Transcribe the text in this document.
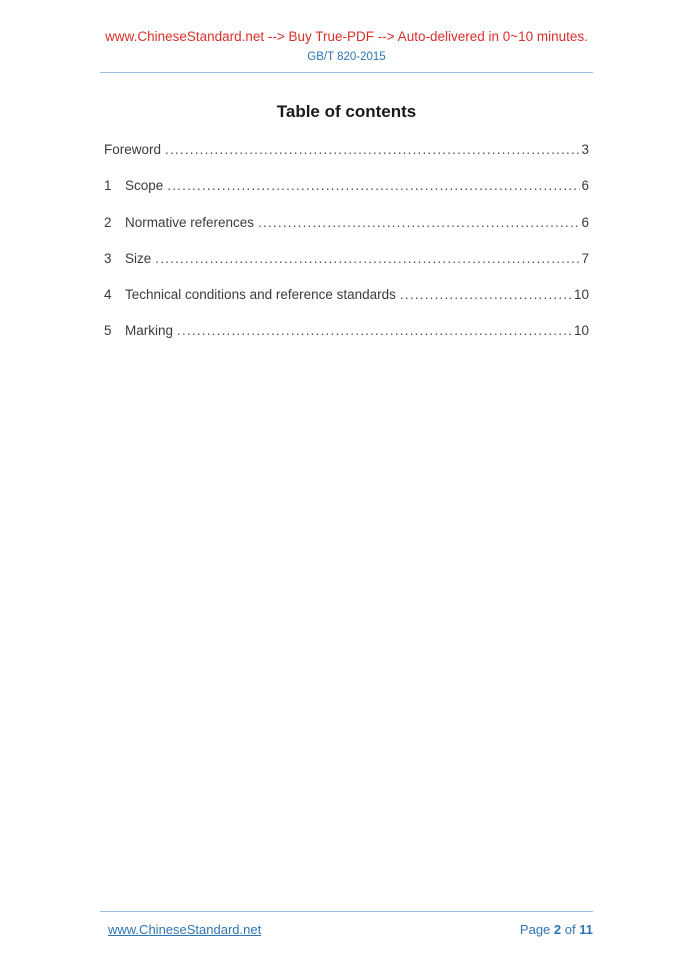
www.ChineseStandard.net --> Buy True-PDF --> Auto-delivered in 0~10 minutes.
GB/T 820-2015
Table of contents
Foreword .....	3
1 Scope .....	6
2 Normative references .....	6
3 Size .....	7
4 Technical conditions and reference standards .....	10
5 Marking .....	10
www.ChineseStandard.net	Page 2 of 11
